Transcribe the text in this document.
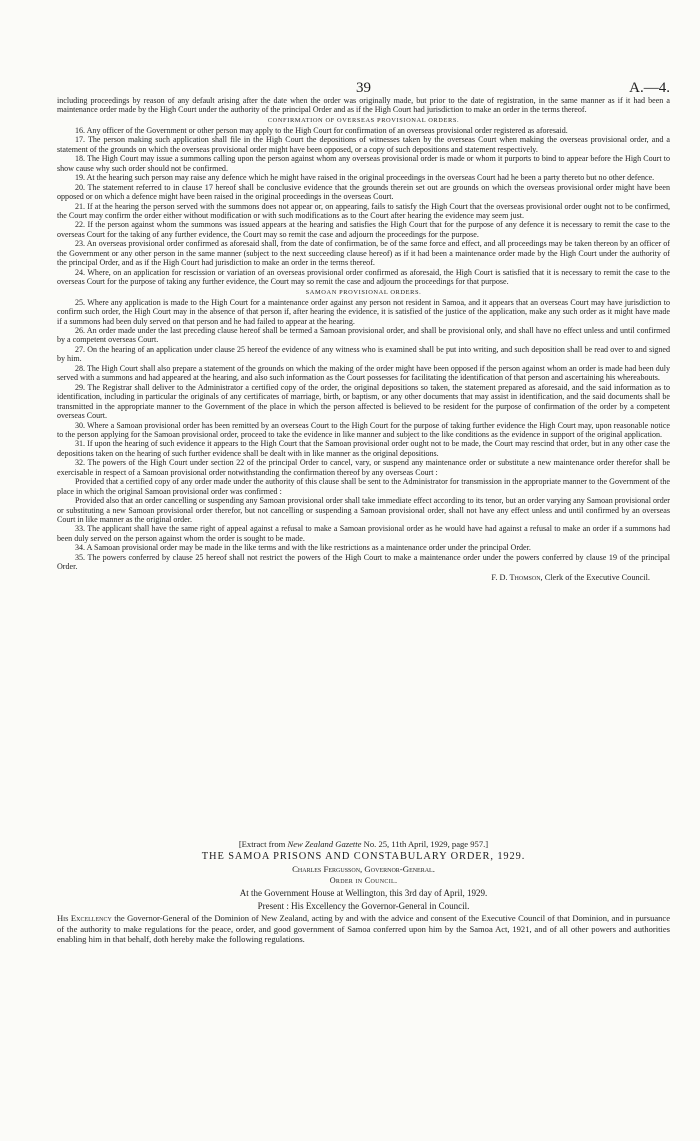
39	A.—4.

including proceedings by reason of any default arising after the date when the order was originally made, but prior to the date of registration, in the same manner as if it had been a maintenance order made by the High Court under the authority of the principal Order and as if the High Court had jurisdiction to make an order in the terms thereof.

CONFIRMATION OF OVERSEAS PROVISIONAL ORDERS.

16. Any officer of the Government or other person may apply to the High Court for confirmation of an overseas provisional order registered as aforesaid.

17. The person making such application shall file in the High Court the depositions of witnesses taken by the overseas Court when making the overseas provisional order, and a statement of the grounds on which the overseas provisional order might have been opposed, or a copy of such depositions and statement respectively.

18. The High Court may issue a summons calling upon the person against whom any overseas provisional order is made or whom it purports to bind to appear before the High Court to show cause why such order should not be confirmed.

19. At the hearing such person may raise any defence which he might have raised in the original proceedings in the overseas Court had he been a party thereto but no other defence.

20. The statement referred to in clause 17 hereof shall be conclusive evidence that the grounds therein set out are grounds on which the overseas provisional order might have been opposed or on which a defence might have been raised in the original proceedings in the overseas Court.

21. If at the hearing the person served with the summons does not appear or, on appearing, fails to satisfy the High Court that the overseas provisional order ought not to be confirmed, the Court may confirm the order either without modification or with such modifications as to the Court after hearing the evidence may seem just.

22. If the person against whom the summons was issued appears at the hearing and satisfies the High Court that for the purpose of any defence it is necessary to remit the case to the overseas Court for the taking of any further evidence, the Court may so remit the case and adjourn the proceedings for the purpose.

23. An overseas provisional order confirmed as aforesaid shall, from the date of confirmation, be of the same force and effect, and all proceedings may be taken thereon by an officer of the Government or any other person in the same manner (subject to the next succeeding clause hereof) as if it had been a maintenance order made by the High Court under the authority of the principal Order, and as if the High Court had jurisdiction to make an order in the terms thereof.

24. Where, on an application for rescission or variation of an overseas provisional order confirmed as aforesaid, the High Court is satisfied that it is necessary to remit the case to the overseas Court for the purpose of taking any further evidence, the Court may so remit the case and adjourn the proceedings for that purpose.

SAMOAN PROVISIONAL ORDERS.

25. Where any application is made to the High Court for a maintenance order against any person not resident in Samoa, and it appears that an overseas Court may have jurisdiction to confirm such order, the High Court may in the absence of that person if, after hearing the evidence, it is satisfied of the justice of the application, make any such order as it might have made if a summons had been duly served on that person and he had failed to appear at the hearing.

26. An order made under the last preceding clause hereof shall be termed a Samoan provisional order, and shall be provisional only, and shall have no effect unless and until confirmed by a competent overseas Court.

27. On the hearing of an application under clause 25 hereof the evidence of any witness who is examined shall be put into writing, and such deposition shall be read over to and signed by him.

28. The High Court shall also prepare a statement of the grounds on which the making of the order might have been opposed if the person against whom an order is made had been duly served with a summons and had appeared at the hearing, and also such information as the Court possesses for facilitating the identification of that person and ascertaining his whereabouts.

29. The Registrar shall deliver to the Administrator a certified copy of the order, the original depositions so taken, the statement prepared as aforesaid, and the said information as to identification, including in particular the originals of any certificates of marriage, birth, or baptism, or any other documents that may assist in identification, and the said documents shall be transmitted in the appropriate manner to the Government of the place in which the person affected is believed to be resident for the purpose of confirmation of the order by a competent overseas Court.

30. Where a Samoan provisional order has been remitted by an overseas Court to the High Court for the purpose of taking further evidence the High Court may, upon reasonable notice to the person applying for the Samoan provisional order, proceed to take the evidence in like manner and subject to the like conditions as the evidence in support of the original application.

31. If upon the hearing of such evidence it appears to the High Court that the Samoan provisional order ought not to be made, the Court may rescind that order, but in any other case the depositions taken on the hearing of such further evidence shall be dealt with in like manner as the original depositions.

32. The powers of the High Court under section 22 of the principal Order to cancel, vary, or suspend any maintenance order or substitute a new maintenance order therefor shall be exercisable in respect of a Samoan provisional order notwithstanding the confirmation thereof by any overseas Court :

Provided that a certified copy of any order made under the authority of this clause shall be sent to the Administrator for transmission in the appropriate manner to the Government of the place in which the original Samoan provisional order was confirmed :

Provided also that an order cancelling or suspending any Samoan provisional order shall take immediate effect according to its tenor, but an order varying any Samoan provisional order or substituting a new Samoan provisional order therefor, but not cancelling or suspending a Samoan provisional order, shall not have any effect unless and until confirmed by an overseas Court in like manner as the original order.

33. The applicant shall have the same right of appeal against a refusal to make a Samoan provisional order as he would have had against a refusal to make an order if a summons had been duly served on the person against whom the order is sought to be made.

34. A Samoan provisional order may be made in the like terms and with the like restrictions as a maintenance order under the principal Order.

35. The powers conferred by clause 25 hereof shall not restrict the powers of the High Court to make a maintenance order under the powers conferred by clause 19 of the principal Order.

F. D. Thomson, Clerk of the Executive Council.
[Extract from New Zealand Gazette No. 25, 11th April, 1929, page 957.]
THE SAMOA PRISONS AND CONSTABULARY ORDER, 1929.
Charles Fergusson, Governor-General.
Order in Council.
At the Government House at Wellington, this 3rd day of April, 1929.
Present : His Excellency the Governor-General in Council.

His Excellency the Governor-General of the Dominion of New Zealand, acting by and with the advice and consent of the Executive Council of that Dominion, and in pursuance of the authority to make regulations for the peace, order, and good government of Samoa conferred upon him by the Samoa Act, 1921, and of all other powers and authorities enabling him in that behalf, doth hereby make the following regulations.
